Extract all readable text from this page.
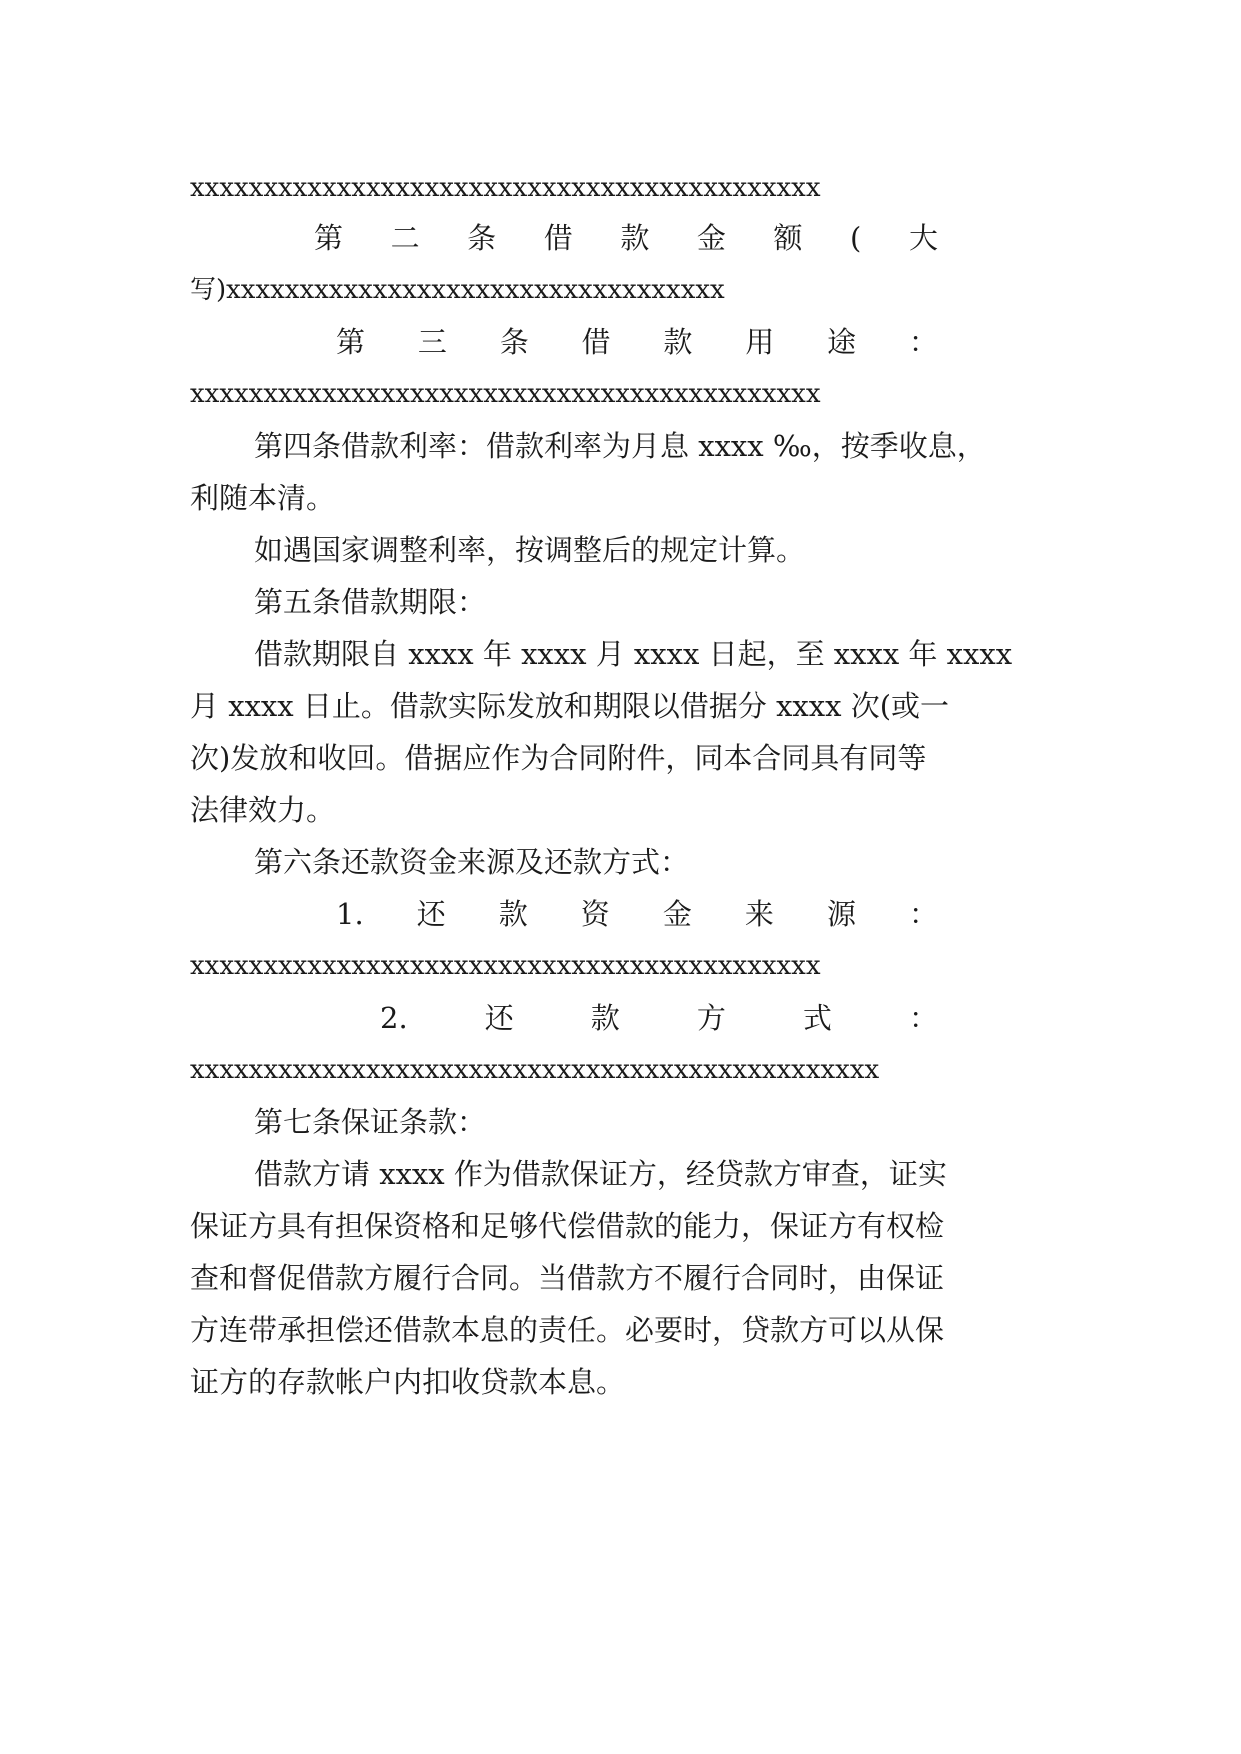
xxxxxxxxxxxxxxxxxxxxxxxxxxxxxxxxxxxxxxxxxxx
第 二 条 借 款 金 额 ( 大
写)xxxxxxxxxxxxxxxxxxxxxxxxxxxxxxxxxx
第 三 条 借 款 用 途 ：
xxxxxxxxxxxxxxxxxxxxxxxxxxxxxxxxxxxxxxxxxxx
第四条借款利率：借款利率为月息 xxxx ‰，按季收息，
利随本清。
如遇国家调整利率，按调整后的规定计算。
第五条借款期限：
借款期限自 xxxx 年 xxxx 月 xxxx 日起，至 xxxx 年 xxxx
月 xxxx 日止。借款实际发放和期限以借据分 xxxx 次(或一
次)发放和收回。借据应作为合同附件，同本合同具有同等
法律效力。
第六条还款资金来源及还款方式：
1. 还 款 资 金 来 源 ：
xxxxxxxxxxxxxxxxxxxxxxxxxxxxxxxxxxxxxxxxxxx
2.	还	款	方	式	：
xxxxxxxxxxxxxxxxxxxxxxxxxxxxxxxxxxxxxxxxxxxxxxx
第七条保证条款：
借款方请 xxxx 作为借款保证方，经贷款方审查，证实
保证方具有担保资格和足够代偿借款的能力，保证方有权检
查和督促借款方履行合同。当借款方不履行合同时，由保证
方连带承担偿还借款本息的责任。必要时，贷款方可以从保
证方的存款帐户内扣收贷款本息。
